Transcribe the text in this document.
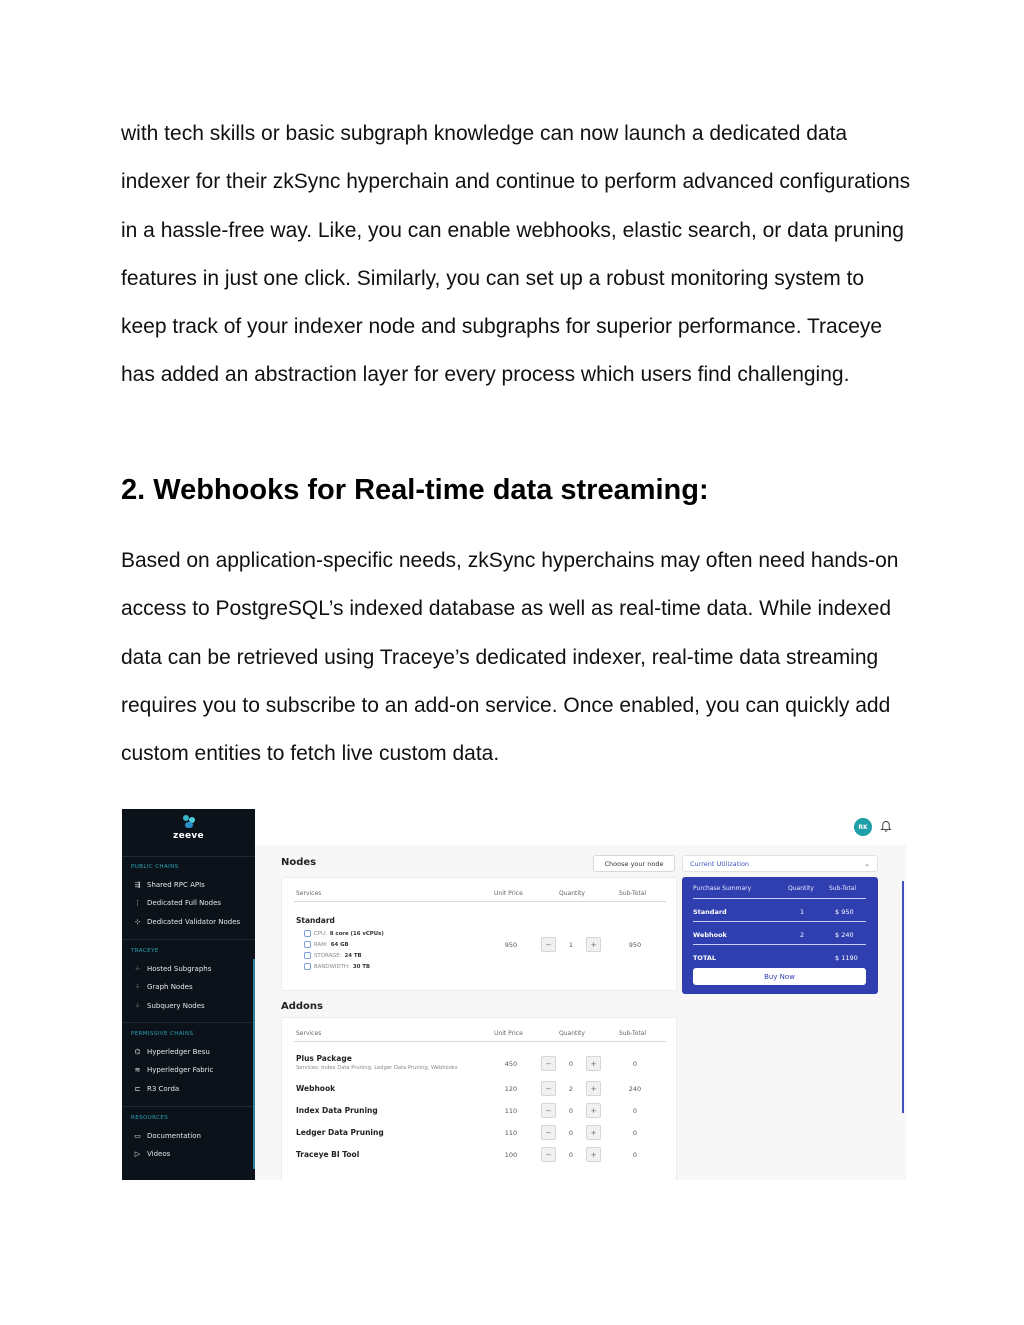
with tech skills or basic subgraph knowledge can now launch a dedicated data indexer for their zkSync hyperchain and continue to perform advanced configurations in a hassle-free way. Like, you can enable webhooks, elastic search, or data pruning features in just one click. Similarly, you can set up a robust monitoring system to keep track of your indexer node and subgraphs for superior performance. Traceye has added an abstraction layer for every process which users find challenging.

2. Webhooks for Real-time data streaming:

Based on application-specific needs, zkSync hyperchains may often need hands-on access to PostgreSQL’s indexed database as well as real-time data. While indexed data can be retrieved using Traceye’s dedicated indexer, real-time data streaming requires you to subscribe to an add-on service. Once enabled, you can quickly add custom entities to fetch live custom data.

zeeve
PUBLIC CHAINS
⇶ Shared RPC APIs
⋮ Dedicated Full Nodes
⊹ Dedicated Validator Nodes
TRACEYE
⁘ Hosted Subgraphs
⁘ Graph Nodes
⁘ Subquery Nodes
PERMISSIVE CHAINS
⌬ Hyperledger Besu
≋ Hyperledger Fabric
⊏ R3 Corda
RESOURCES
▭ Documentation
▷ Videos
RK
Nodes	Choose your node	Current Utilization	⌄
Services	Unit Price	Quantity	Sub-Total
Standard
CPU: 8 core (16 vCPUs)
RAM: 64 GB
STORAGE: 24 TB
BANDWIDTH: 30 TB
950	−	1	+	950
Purchase Summary	Quantity	Sub-Total
Standard	1	$ 950
Webhook	2	$ 240
TOTAL	$ 1190
Buy Now
Addons
Services	Unit Price	Quantity	Sub-Total
Plus Package
Services: Index Data Pruning, Ledger Data Pruning, Webhooks	450	−	0	+	0
Webhook	120	−	2	+	240
Index Data Pruning	110	−	0	+	0
Ledger Data Pruning	110	−	0	+	0
Traceye BI Tool	100	−	0	+	0
